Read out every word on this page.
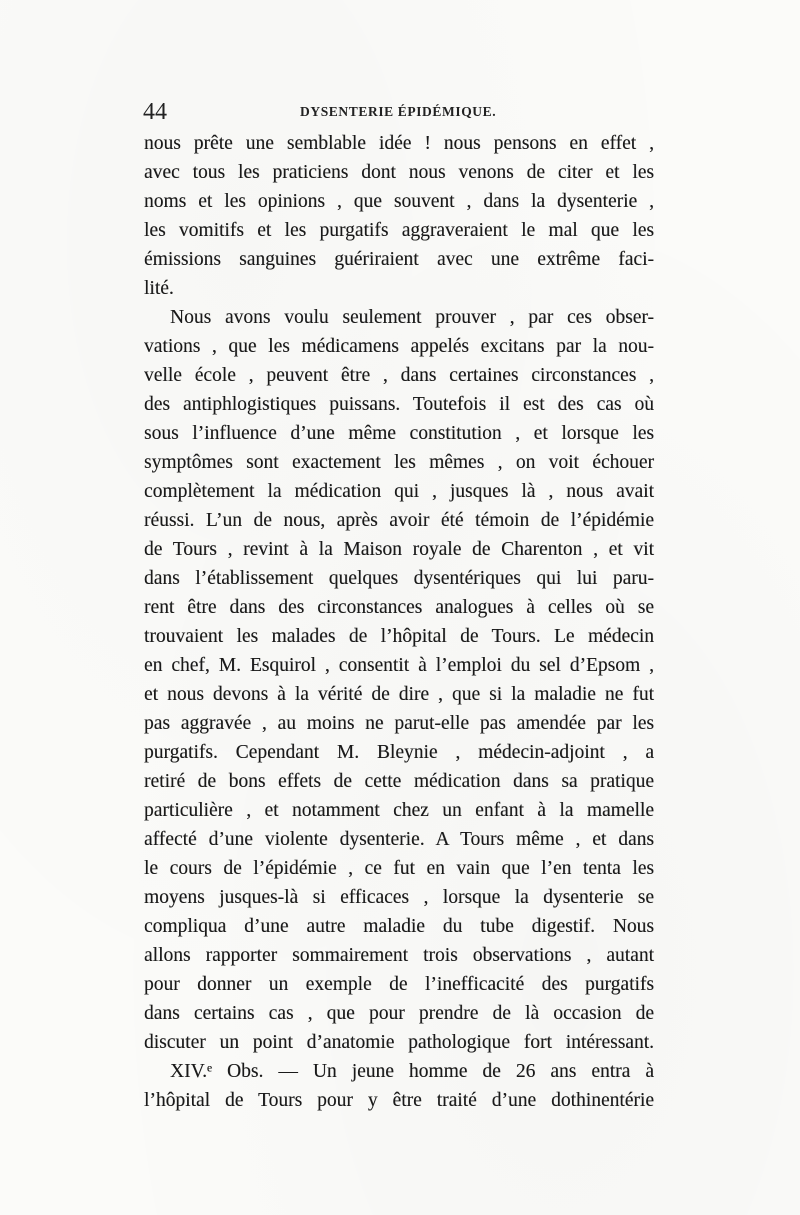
44	DYSENTERIE ÉPIDÉMIQUE.
nous prête une semblable idée ! nous pensons en effet ,
avec tous les praticiens dont nous venons de citer et les
noms et les opinions , que souvent , dans la dysenterie ,
les vomitifs et les purgatifs aggraveraient le mal que les
émissions sanguines guériraient avec une extrême faci-
lité.
Nous avons voulu seulement prouver , par ces obser-
vations , que les médicamens appelés excitans par la nou-
velle école , peuvent être , dans certaines circonstances ,
des antiphlogistiques puissans. Toutefois il est des cas où
sous l’influence d’une même constitution , et lorsque les
symptômes sont exactement les mêmes , on voit échouer
complètement la médication qui , jusques là , nous avait
réussi. L’un de nous, après avoir été témoin de l’épidémie
de Tours , revint à la Maison royale de Charenton , et vit
dans l’établissement quelques dysentériques qui lui paru-
rent être dans des circonstances analogues à celles où se
trouvaient les malades de l’hôpital de Tours. Le médecin
en chef, M. Esquirol , consentit à l’emploi du sel d’Epsom ,
et nous devons à la vérité de dire , que si la maladie ne fut
pas aggravée , au moins ne parut-elle pas amendée par les
purgatifs. Cependant M. Bleynie , médecin-adjoint , a
retiré de bons effets de cette médication dans sa pratique
particulière , et notamment chez un enfant à la mamelle
affecté d’une violente dysenterie. A Tours même , et dans
le cours de l’épidémie , ce fut en vain que l’en tenta les
moyens jusques-là si efficaces , lorsque la dysenterie se
compliqua d’une autre maladie du tube digestif. Nous
allons rapporter sommairement trois observations , autant
pour donner un exemple de l’inefficacité des purgatifs
dans certains cas , que pour prendre de là occasion de
discuter un point d’anatomie pathologique fort intéressant.
XIV.ᵉ Obs. — Un jeune homme de 26 ans entra à
l’hôpital de Tours pour y être traité d’une dothinentérie
